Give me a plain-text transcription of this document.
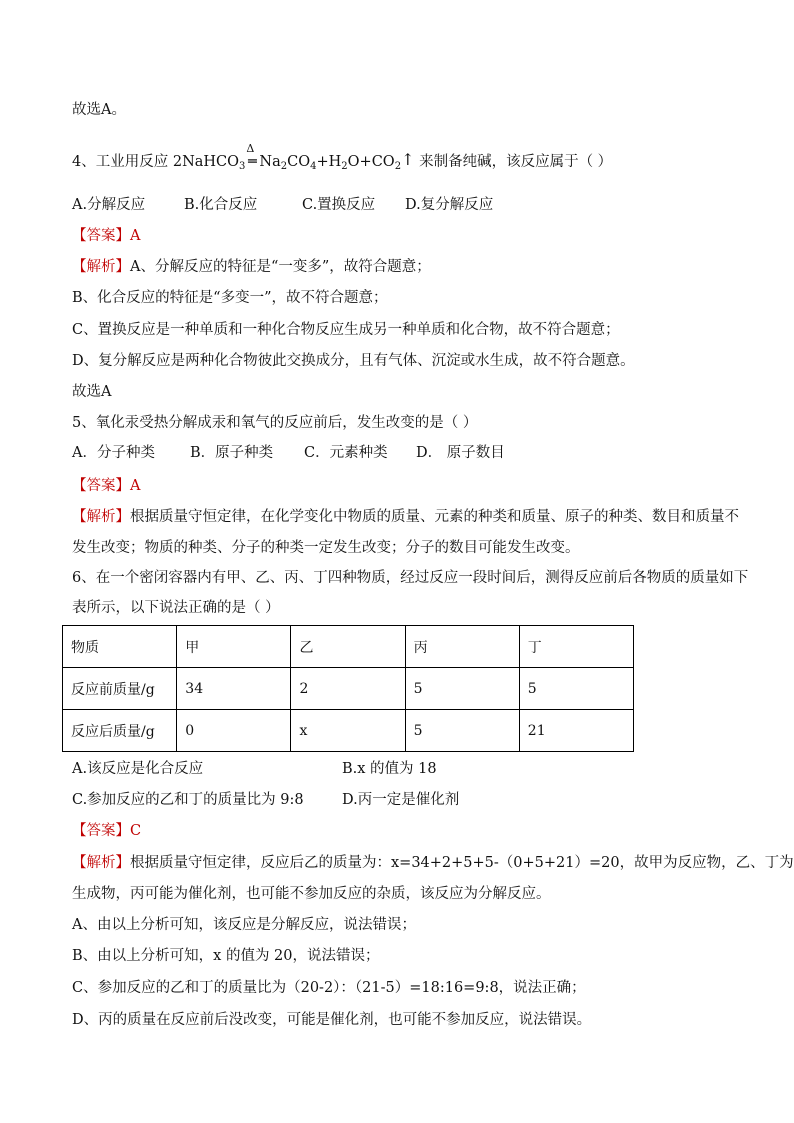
故选A。
4、工业用反应 2NaHCO$_3$
Δ
═ $Na_2CO_4+H_2O+CO_2↑$ 来制备纯碱，该反应属于（ ）
A.分解反应	B.化合反应	C.置换反应 D.复分解反应
【答案】A
【解析】A、分解反应的特征是“一变多”，故符合题意；
B、化合反应的特征是“多变一”，故不符合题意；
C、置换反应是一种单质和一种化合物反应生成另一种单质和化合物，故不符合题意；
D、复分解反应是两种化合物彼此交换成分，且有气体、沉淀或水生成，故不符合题意。
故选A
5、氧化汞受热分解成汞和氧气的反应前后，发生改变的是（ ）
A．分子种类 B．原子种类 C．元素种类 D． 原子数目
【答案】A
【解析】根据质量守恒定律，在化学变化中物质的质量、元素的种类和质量、原子的种类、数目和质量不
发生改变；物质的种类、分子的种类一定发生改变；分子的数目可能发生改变。
6、在一个密闭容器内有甲、乙、丙、丁四种物质，经过反应一段时间后，测得反应前后各物质的质量如下
表所示，以下说法正确的是（ ）
物质	甲	乙	丙	丁
反应前质量/g	34	2	5	5
反应后质量/g	0	x	5	21
A.该反应是化合反应	B.x 的值为 18
C.参加反应的乙和丁的质量比为 9:8	D.丙一定是催化剂
【答案】C
【解析】根据质量守恒定律，反应后乙的质量为：x=34+2+5+5-（0+5+21）=20，故甲为反应物，乙、丁为
生成物，丙可能为催化剂，也可能不参加反应的杂质，该反应为分解反应。
A、由以上分析可知，该反应是分解反应，说法错误；
B、由以上分析可知，x 的值为 20，说法错误；
C、参加反应的乙和丁的质量比为（20-2）：（21-5）=18:16=9:8，说法正确；
D、丙的质量在反应前后没改变，可能是催化剂，也可能不参加反应，说法错误。
